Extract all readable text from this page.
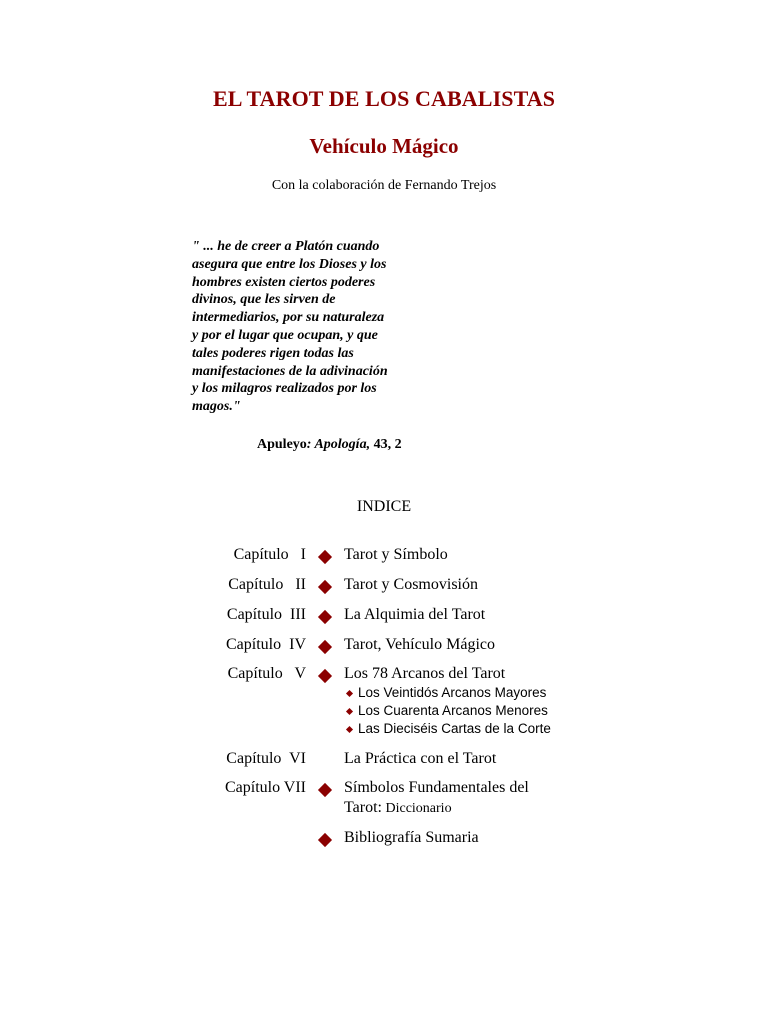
EL TAROT DE LOS CABALISTAS
Vehículo Mágico
Con la colaboración de Fernando Trejos
" ... he de creer a Platón cuando
asegura que entre los Dioses y los
hombres existen ciertos poderes
divinos, que les sirven de
intermediarios, por su naturaleza
y por el lugar que ocupan, y que
tales poderes rigen todas las
manifestaciones de la adivinación
y los milagros realizados por los
magos."
Apuleyo: Apología, 43, 2
INDICE
Capítulo   I Tarot y Símbolo
Capítulo   II Tarot y Cosmovisión
Capítulo  III La Alquimia del Tarot
Capítulo  IV Tarot, Vehículo Mágico
Capítulo   V Los 78 Arcanos del Tarot
Los Veintidós Arcanos Mayores
Los Cuarenta Arcanos Menores
Las Dieciséis Cartas de la Corte
Capítulo  VI La Práctica con el Tarot
Capítulo VII Símbolos Fundamentales del
Tarot: Diccionario
Bibliografía Sumaria
